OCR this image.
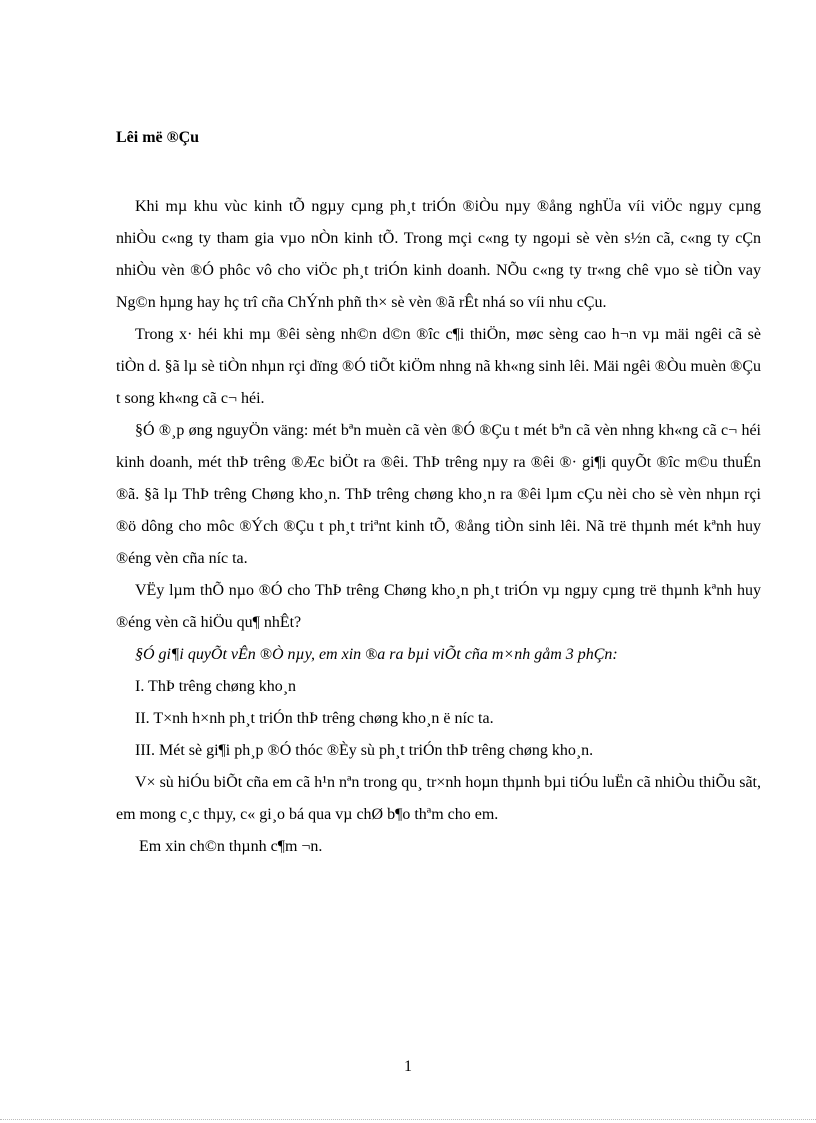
Lêi më ®Çu

Khi mµ khu vùc kinh tÕ ngµy cµng ph¸t triÓn ®iÒu nµy ®ång nghÜa víi viÖc ngµy cµng nhiÒu c«ng ty tham gia vµo nÒn kinh tÕ. Trong mçi c«ng ty ngoµi sè vèn s½n cã, c«ng ty cÇn nhiÒu vèn ®Ó phôc vô cho viÖc ph¸t triÓn kinh doanh. NÕu c«ng ty tr«ng chê vµo sè tiÒn vay Ng©n hµng hay hç trî cña ChÝnh phñ th× sè vèn ®ã rÊt nhá so víi nhu cÇu.

Trong x· héi khi mµ ®êi sèng nh©n d©n ®îc c¶i thiÖn, møc sèng cao h¬n vµ mäi ngêi cã sè tiÒn d. §ã lµ sè tiÒn nhµn rçi dïng ®Ó tiÕt kiÖm nhng nã kh«ng sinh lêi. Mäi ngêi ®Òu muèn ®Çu t song kh«ng cã c¬ héi.

§Ó ®¸p øng nguyÖn väng: mét bªn muèn cã vèn ®Ó ®Çu t mét bªn cã vèn nhng kh«ng cã c¬ héi kinh doanh, mét thÞ trêng ®Æc biÖt ra ®êi. ThÞ trêng nµy ra ®êi ®· gi¶i quyÕt ®îc m©u thuÉn ®ã. §ã lµ ThÞ trêng Chøng kho¸n. ThÞ trêng chøng kho¸n ra ®êi lµm cÇu nèi cho sè vèn nhµn rçi ®ö dông cho môc ®Ých ®Çu t ph¸t triªnt kinh tÕ, ®ång tiÒn sinh lêi. Nã trë thµnh mét kªnh huy ®éng vèn cña níc ta.

VËy lµm thÕ nµo ®Ó cho ThÞ trêng Chøng kho¸n ph¸t triÓn vµ ngµy cµng trë thµnh kªnh huy ®éng vèn cã hiÖu qu¶ nhÊt?

§Ó gi¶i quyÕt vÊn ®Ò nµy, em xin ®a ra bµi viÕt cña m×nh gåm 3 phÇn:

I. ThÞ trêng chøng kho¸n

II. T×nh h×nh ph¸t triÓn thÞ trêng chøng kho¸n ë níc ta.

III. Mét sè gi¶i ph¸p ®Ó thóc ®Èy sù ph¸t triÓn thÞ trêng chøng kho¸n.

V× sù hiÓu biÕt cña em cã h¹n nªn trong qu¸ tr×nh hoµn thµnh bµi tiÓu luËn cã nhiÒu thiÕu sãt, em mong c¸c thµy, c« gi¸o bá qua vµ chØ b¶o thªm cho em.

Em xin ch©n thµnh c¶m ¬n.

1
